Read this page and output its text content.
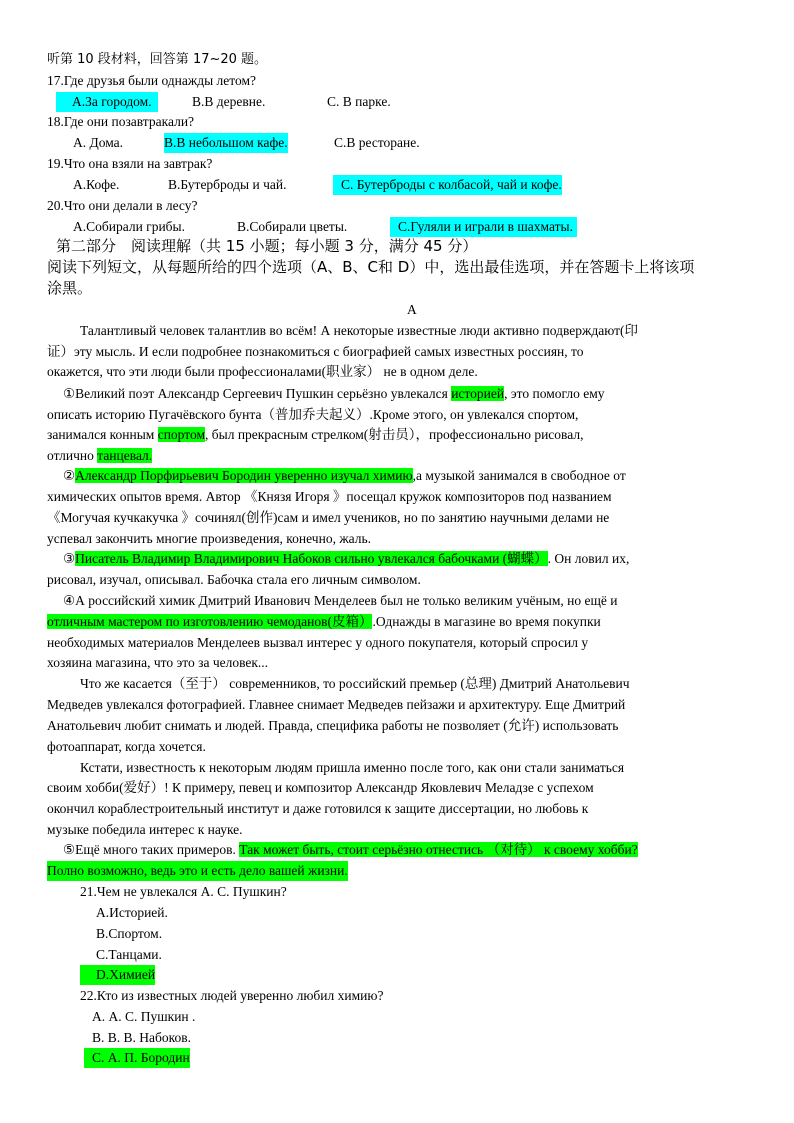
听第 10 段材料，回答第 17~20 题。
17.Где друзья были однажды летом?
А.За городом.	В.В деревне.	С. В парке.
18.Где они позавтракали?
А. Дома.	В.В небольшом кафе.	С.В ресторане.
19.Что она взяли на завтрак?
А.Кофе.	В.Бутерброды и чай.	С. Бутерброды с колбасой, чай и кофе.
20.Что они делали в лесу?
А.Собирали грибы.	В.Собирали цветы.	С.Гуляли и играли в шахматы.
第二部分　阅读理解（共 15 小题；每小题 3 分，满分 45 分）
阅读下列短文，从每题所给的四个选项（A、B、C和 D）中，选出最佳选项，并在答题卡上将该项
涂黑。
A
Талантливый человек талантлив во всём! А некоторые известные люди активно подверждают(印
证）эту мысль. И если подробнее познакомиться с биографией самых известных россиян, то
окажется, что эти люди были профессионалами(职业家） не в одном деле.
①Великий поэт Александр Сергеевич Пушкин серьёзно увлекался историей, это помогло ему
описать историю Пугачёвского бунта（普加乔夫起义）.Кроме этого, он увлекался спортом,
занимался конным спортом, был прекрасным стрелком(射击员），профессионально рисовал,
отлично танцевал.
②Александр Порфирьевич Бородин уверенно изучал химию,а музыкой занимался в свободное от
химических опытов время. Автор 《Князя Игоря 》посещал кружок композиторов под названием
《Могучая кучкакучка 》сочинял(创作)сам и имел учеников, но по занятию научными делами не
успевал закончить многие произведения, конечно, жаль.
③Писатель Владимир Владимирович Набоков сильно увлекался бабочками (蝴蝶）. Он ловил их,
рисовал, изучал, описывал. Бабочка стала его личным символом.
④А российский химик Дмитрий Иванович Менделеев был не только великим учёным, но ещё и
отличным мастером по изготовлению чемоданов(皮箱）.Однажды в магазине во время покупки
необходимых материалов Менделеев вызвал интерес у одного покупателя, который спросил у
хозяина магазина, что это за человек...
Что же касается（至于） современников, то российский премьер (总理) Дмитрий Анатольевич
Медведев увлекался фотографией. Главнее снимает Медведев пейзажи и архитектуру. Еще Дмитрий
Анатольевич любит снимать и людей. Правда, специфика работы не позволяет (允许) использовать
фотоаппарат, когда хочется.
Кстати, известность к некоторым людям пришла именно после того, как они стали заниматься
своим хобби(爱好）! К примеру, певец и композитор Александр Яковлевич Меладзе с успехом
окончил кораблестроительный институт и даже готовился к защите диссертации, но любовь к
музыке победила интерес к науке.
⑤Ещё много таких примеров. Так может быть, стоит серьёзно отнестись （对待） к своему хобби?
Полно возможно, ведь это и есть дело вашей жизни.
21.Чем не увлекался А. С. Пушкин?
А.Историей.
В.Спортом.
С.Танцами.
D.Химией
22.Кто из известных людей уверенно любил химию?
А. А. С. Пушкин .
В. В. В. Набоков.
С. А. П. Бородин
